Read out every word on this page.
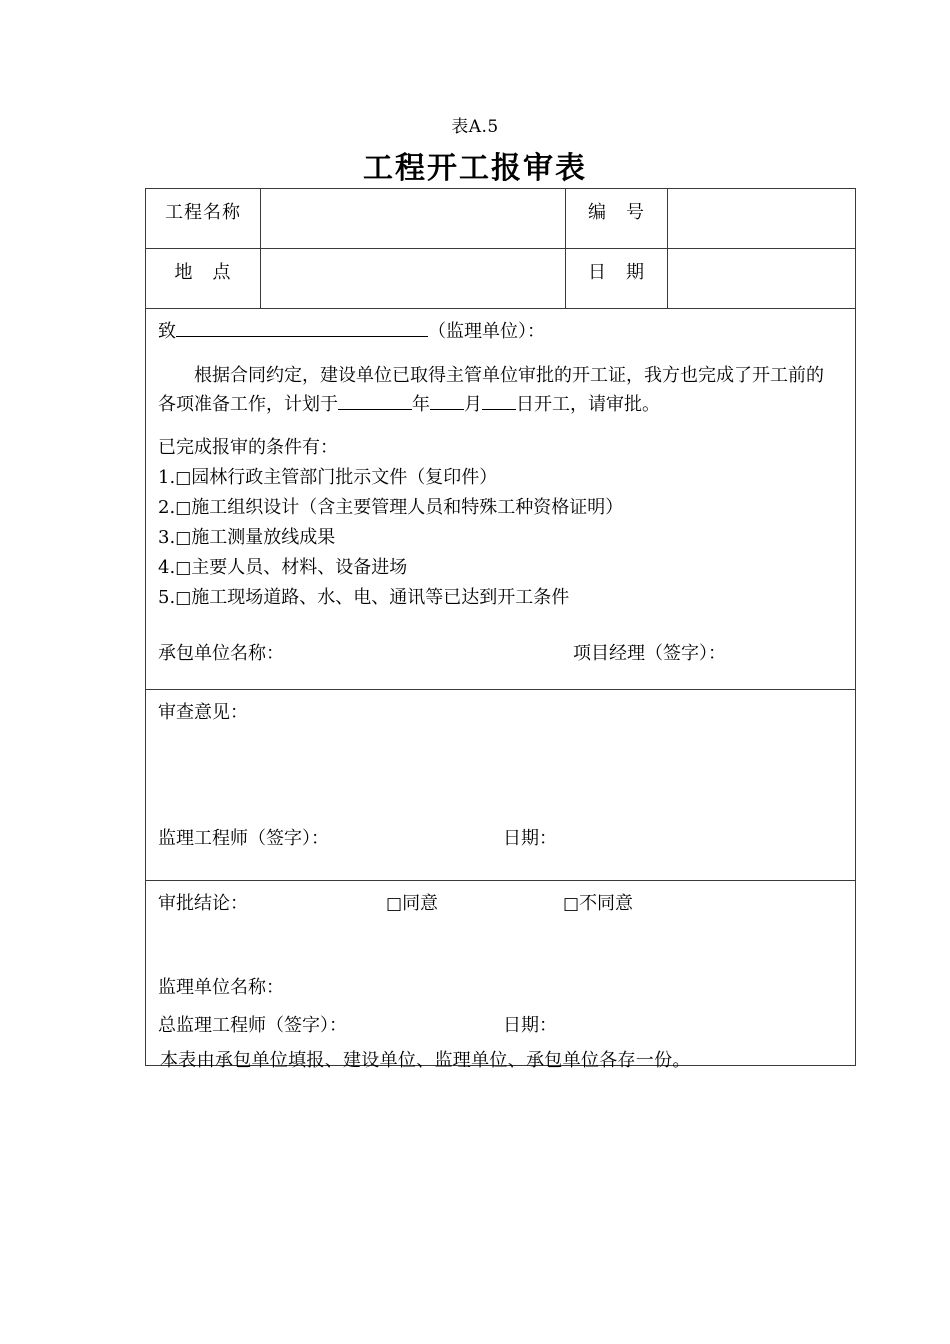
表A.5
工程开工报审表
工程名称		编　号	

地　点		日　期	

致	（监理单位）：
根据合同约定，建设单位已取得主管单位审批的开工证，我方也完成了开工前的
各项准备工作，计划于	年 月 日开工，请审批。
已完成报审的条件有：
1.□园林行政主管部门批示文件（复印件）
2.□施工组织设计（含主要管理人员和特殊工种资格证明）
3.□施工测量放线成果
4.□主要人员、材料、设备进场
5.□施工现场道路、水、电、通讯等已达到开工条件
承包单位名称：	项目经理（签字）：

审查意见：
监理工程师（签字）： 日期：			

审批结论：	□同意	□不同意
监理单位名称：
总监理工程师（签字）：	日期：
本表由承包单位填报、建设单位、监理单位、承包单位各存一份。
